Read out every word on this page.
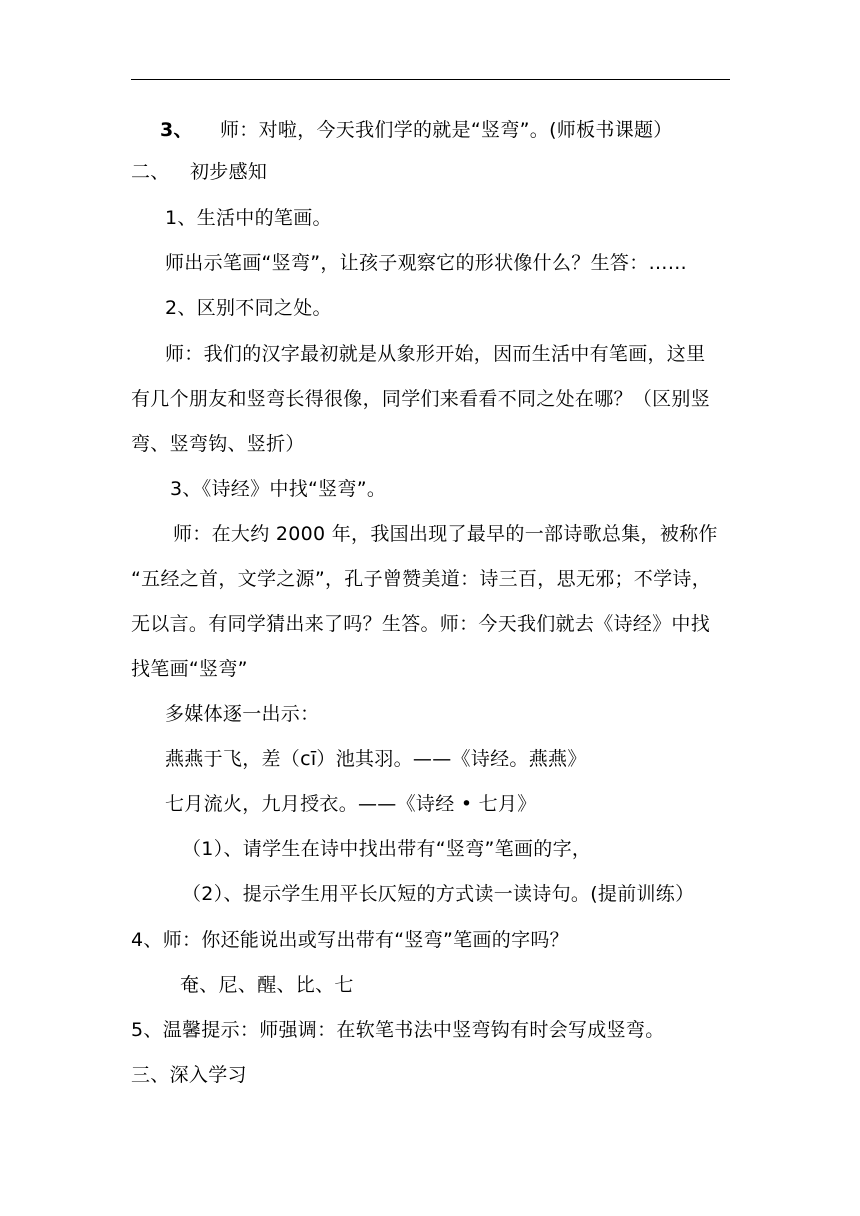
3、 师：对啦，今天我们学的就是“竖弯”。(师板书课题）
二、 初步感知
1、生活中的笔画。
师出示笔画“竖弯”，让孩子观察它的形状像什么？生答：……
2、区别不同之处。
师：我们的汉字最初就是从象形开始，因而生活中有笔画，这里
有几个朋友和竖弯长得很像，同学们来看看不同之处在哪？（区别竖
弯、竖弯钩、竖折）
3、《诗经》中找“竖弯”。
师：在大约 2000 年，我国出现了最早的一部诗歌总集，被称作
“五经之首，文学之源”，孔子曾赞美道：诗三百，思无邪；不学诗，
无以言。有同学猜出来了吗？生答。师：今天我们就去《诗经》中找
找笔画“竖弯”
多媒体逐一出示：
燕燕于飞，差（cī）池其羽。——《诗经。燕燕》
七月流火，九月授衣。——《诗经 • 七月》
（1）、请学生在诗中找出带有“竖弯”笔画的字，
（2）、提示学生用平长仄短的方式读一读诗句。(提前训练）
4、师：你还能说出或写出带有“竖弯”笔画的字吗？
奄、尼、醒、比、七
5、温馨提示：师强调：在软笔书法中竖弯钩有时会写成竖弯。
三、深入学习
